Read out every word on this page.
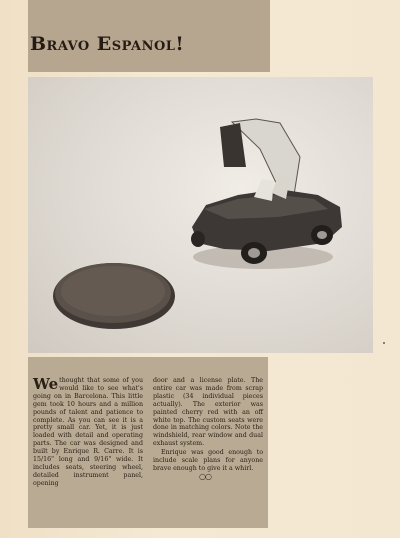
Bravo Espanol!

We thought that some of you would like to see what's going on in Barcelona. This little gem took 10 hours and a million pounds of talent and patience to complete. As you can see it is a pretty small car. Yet, it is just loaded with detail and operating parts. The car was designed and built by Enrique R. Carre. It is 15/16" long and 9/16" wide. It includes seats, steering wheel, detailed instrument panel, opening

door and a license plate. The entire car was made from scrap plastic (34 individual pieces actually). The exterior was painted cherry red with an off white top. The custom seats were done in matching colors. Note the windshield, rear window and dual exhaust system.

Enrique was good enough to include scale plans for anyone brave enough to give it a whirl.

○○
